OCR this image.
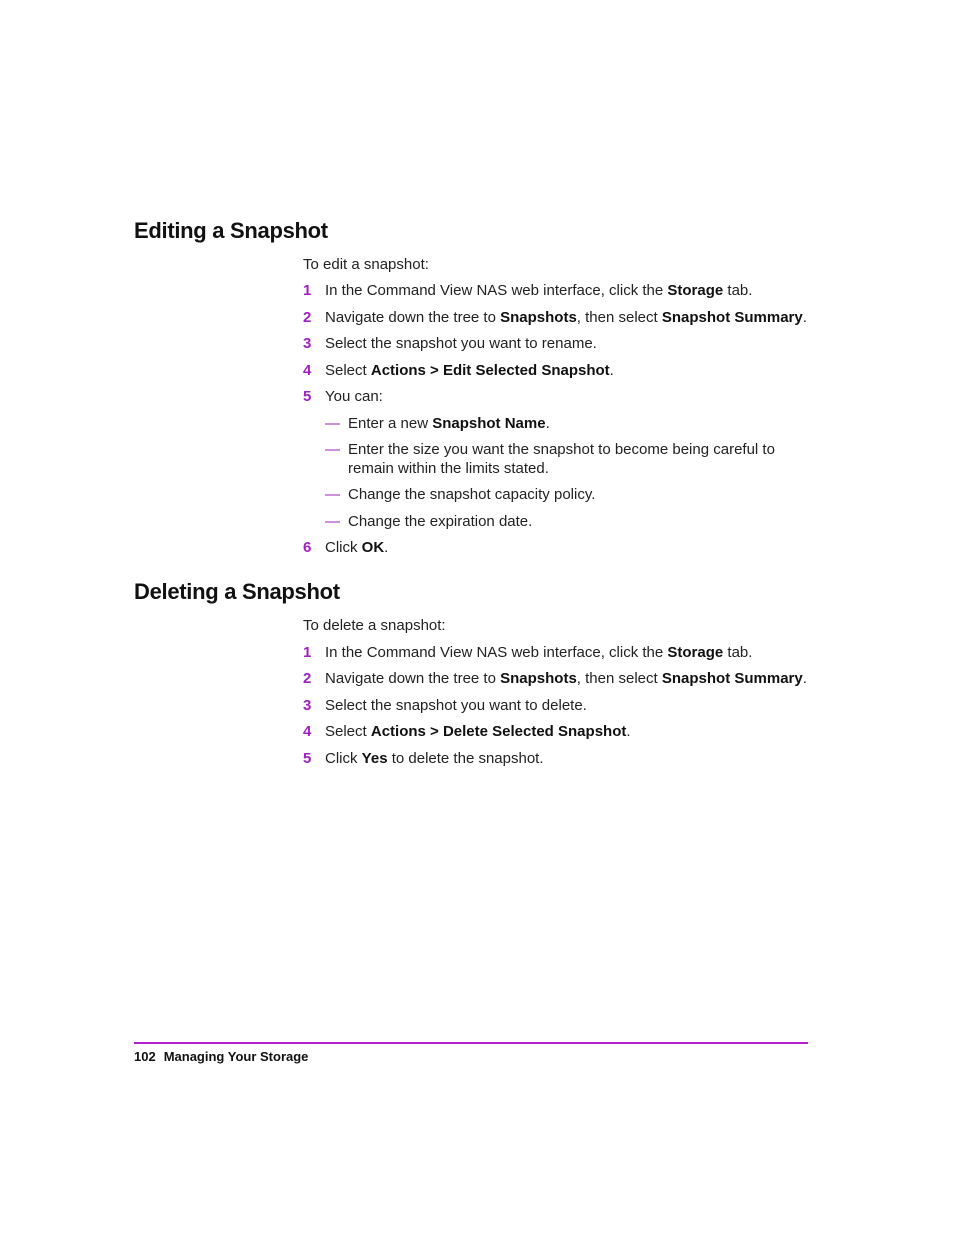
Editing a Snapshot
To edit a snapshot:
1 In the Command View NAS web interface, click the Storage tab.
2 Navigate down the tree to Snapshots, then select Snapshot Summary.
3 Select the snapshot you want to rename.
4 Select Actions > Edit Selected Snapshot.
5 You can:
— Enter a new Snapshot Name.
— Enter the size you want the snapshot to become being careful to
remain within the limits stated.
— Change the snapshot capacity policy.
— Change the expiration date.
6 Click OK.
Deleting a Snapshot
To delete a snapshot:
1 In the Command View NAS web interface, click the Storage tab.
2 Navigate down the tree to Snapshots, then select Snapshot Summary.
3 Select the snapshot you want to delete.
4 Select Actions > Delete Selected Snapshot.
5 Click Yes to delete the snapshot.
102 Managing Your Storage
